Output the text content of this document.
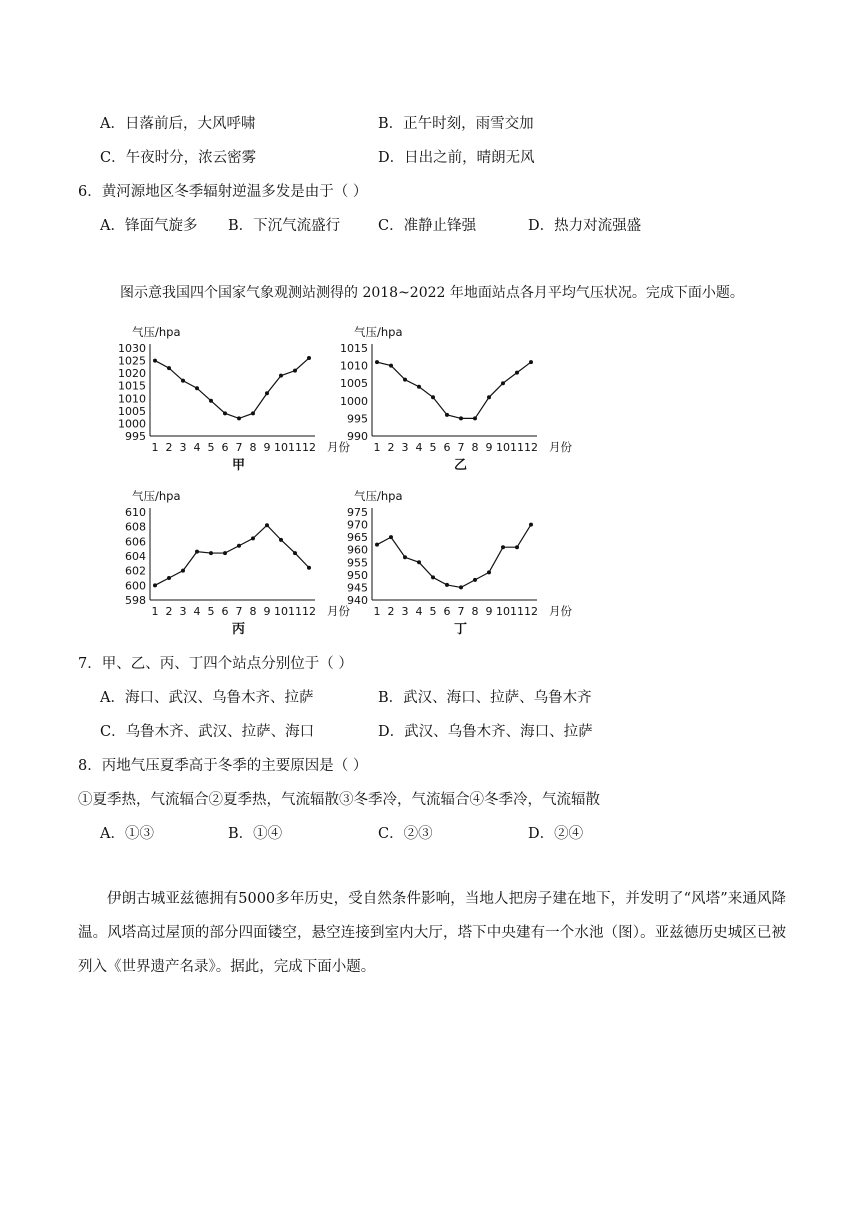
A．日落前后，大风呼啸	B．正午时刻，雨雪交加
C．午夜时分，浓云密雾	D．日出之前，晴朗无风
6．黄河源地区冬季辐射逆温多发是由于（ ）
A．锋面气旋多 B．下沉气流盛行	C．准静止锋强	D．热力对流强盛
图示意我国四个国家气象观测站测得的 2018~2022 年地面站点各月平均气压状况。完成下面小题。
气压/hpa
995
1000
1005
1010
1015
1020
1025
1030
1 2 3 4 5 6 7 8 9 10 11 12 月份
甲
气压/hpa
990
995
1000
1005
1010
1015
1 2 3 4 5 6 7 8 9 10 11 12 月份
乙
气压/hpa
598
600
602
604
606
608
610
1 2 3 4 5 6 7 8 9 10 11 12 月份
丙
气压/hpa
940
945
950
955
960
965
970
975
1 2 3 4 5 6 7 8 9 10 11 12 月份
丁
7．甲、乙、丙、丁四个站点分别位于（ ）
A．海口、武汉、乌鲁木齐、拉萨	B．武汉、海口、拉萨、乌鲁木齐
C．乌鲁木齐、武汉、拉萨、海口	D．武汉、乌鲁木齐、海口、拉萨
8．丙地气压夏季高于冬季的主要原因是（ ）
①夏季热，气流辐合②夏季热，气流辐散③冬季冷，气流辐合④冬季冷，气流辐散
A．①③	B．①④	C．②③	D．②④
伊朗古城亚兹德拥有5000多年历史，受自然条件影响，当地人把房子建在地下，并发明了“风塔”来通风降温。风塔高过屋顶的部分四面镂空，悬空连接到室内大厅，塔下中央建有一个水池（图）。亚兹德历史城区已被列入《世界遗产名录》。据此，完成下面小题。
